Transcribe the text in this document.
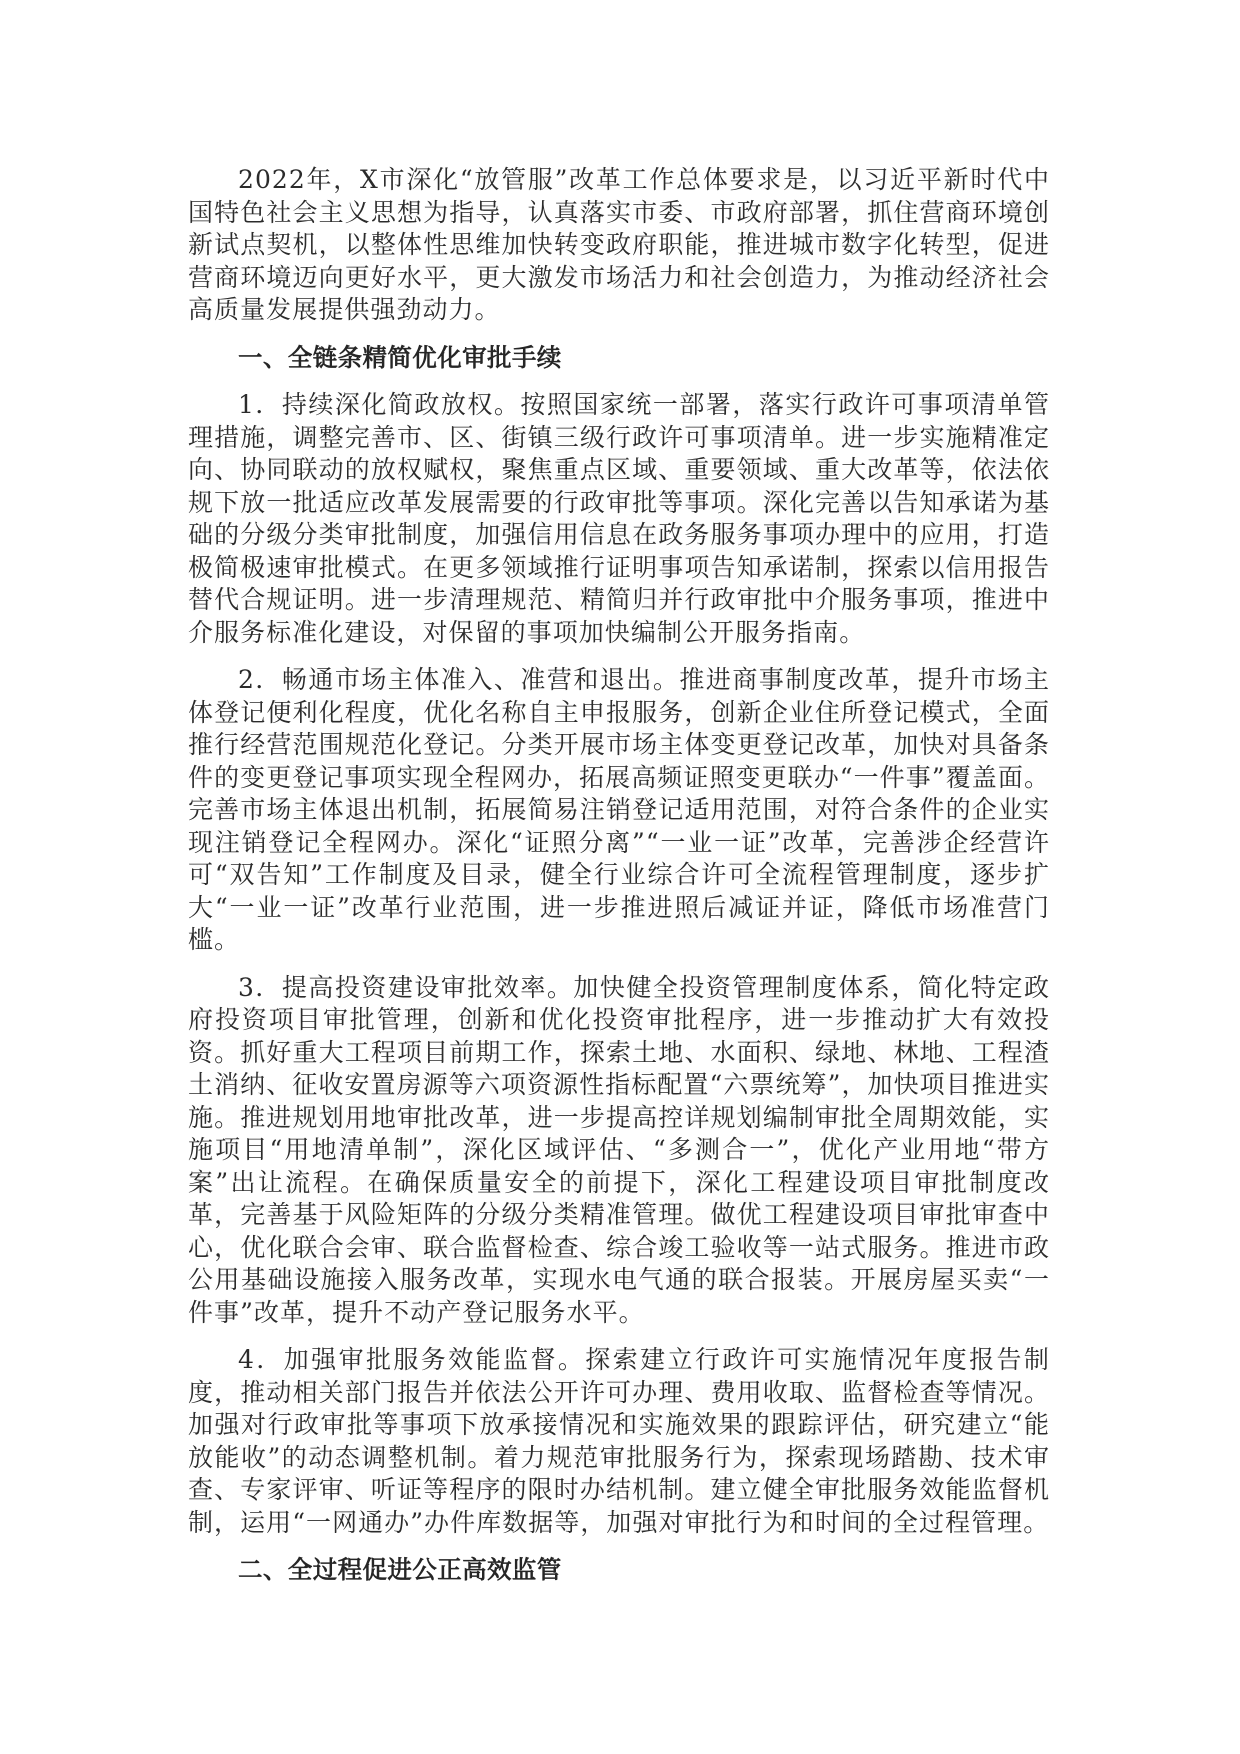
2022年，X市深化“放管服”改革工作总体要求是，以习近平新时代中国特色社会主义思想为指导，认真落实市委、市政府部署，抓住营商环境创新试点契机，以整体性思维加快转变政府职能，推进城市数字化转型，促进营商环境迈向更好水平，更大激发市场活力和社会创造力，为推动经济社会高质量发展提供强劲动力。

一、全链条精简优化审批手续

1．持续深化简政放权。按照国家统一部署，落实行政许可事项清单管理措施，调整完善市、区、街镇三级行政许可事项清单。进一步实施精准定向、协同联动的放权赋权，聚焦重点区域、重要领域、重大改革等，依法依规下放一批适应改革发展需要的行政审批等事项。深化完善以告知承诺为基础的分级分类审批制度，加强信用信息在政务服务事项办理中的应用，打造极简极速审批模式。在更多领域推行证明事项告知承诺制，探索以信用报告替代合规证明。进一步清理规范、精简归并行政审批中介服务事项，推进中介服务标准化建设，对保留的事项加快编制公开服务指南。

2．畅通市场主体准入、准营和退出。推进商事制度改革，提升市场主体登记便利化程度，优化名称自主申报服务，创新企业住所登记模式，全面推行经营范围规范化登记。分类开展市场主体变更登记改革，加快对具备条件的变更登记事项实现全程网办，拓展高频证照变更联办“一件事”覆盖面。完善市场主体退出机制，拓展简易注销登记适用范围，对符合条件的企业实现注销登记全程网办。深化“证照分离”“一业一证”改革，完善涉企经营许可“双告知”工作制度及目录，健全行业综合许可全流程管理制度，逐步扩大“一业一证”改革行业范围，进一步推进照后减证并证，降低市场准营门槛。

3．提高投资建设审批效率。加快健全投资管理制度体系，简化特定政府投资项目审批管理，创新和优化投资审批程序，进一步推动扩大有效投资。抓好重大工程项目前期工作，探索土地、水面积、绿地、林地、工程渣土消纳、征收安置房源等六项资源性指标配置“六票统筹”，加快项目推进实施。推进规划用地审批改革，进一步提高控详规划编制审批全周期效能，实施项目“用地清单制”，深化区域评估、“多测合一”，优化产业用地“带方案”出让流程。在确保质量安全的前提下，深化工程建设项目审批制度改革，完善基于风险矩阵的分级分类精准管理。做优工程建设项目审批审查中心，优化联合会审、联合监督检查、综合竣工验收等一站式服务。推进市政公用基础设施接入服务改革，实现水电气通的联合报装。开展房屋买卖“一件事”改革，提升不动产登记服务水平。

4．加强审批服务效能监督。探索建立行政许可实施情况年度报告制度，推动相关部门报告并依法公开许可办理、费用收取、监督检查等情况。加强对行政审批等事项下放承接情况和实施效果的跟踪评估，研究建立“能放能收”的动态调整机制。着力规范审批服务行为，探索现场踏勘、技术审查、专家评审、听证等程序的限时办结机制。建立健全审批服务效能监督机制，运用“一网通办”办件库数据等，加强对审批行为和时间的全过程管理。

二、全过程促进公正高效监管
